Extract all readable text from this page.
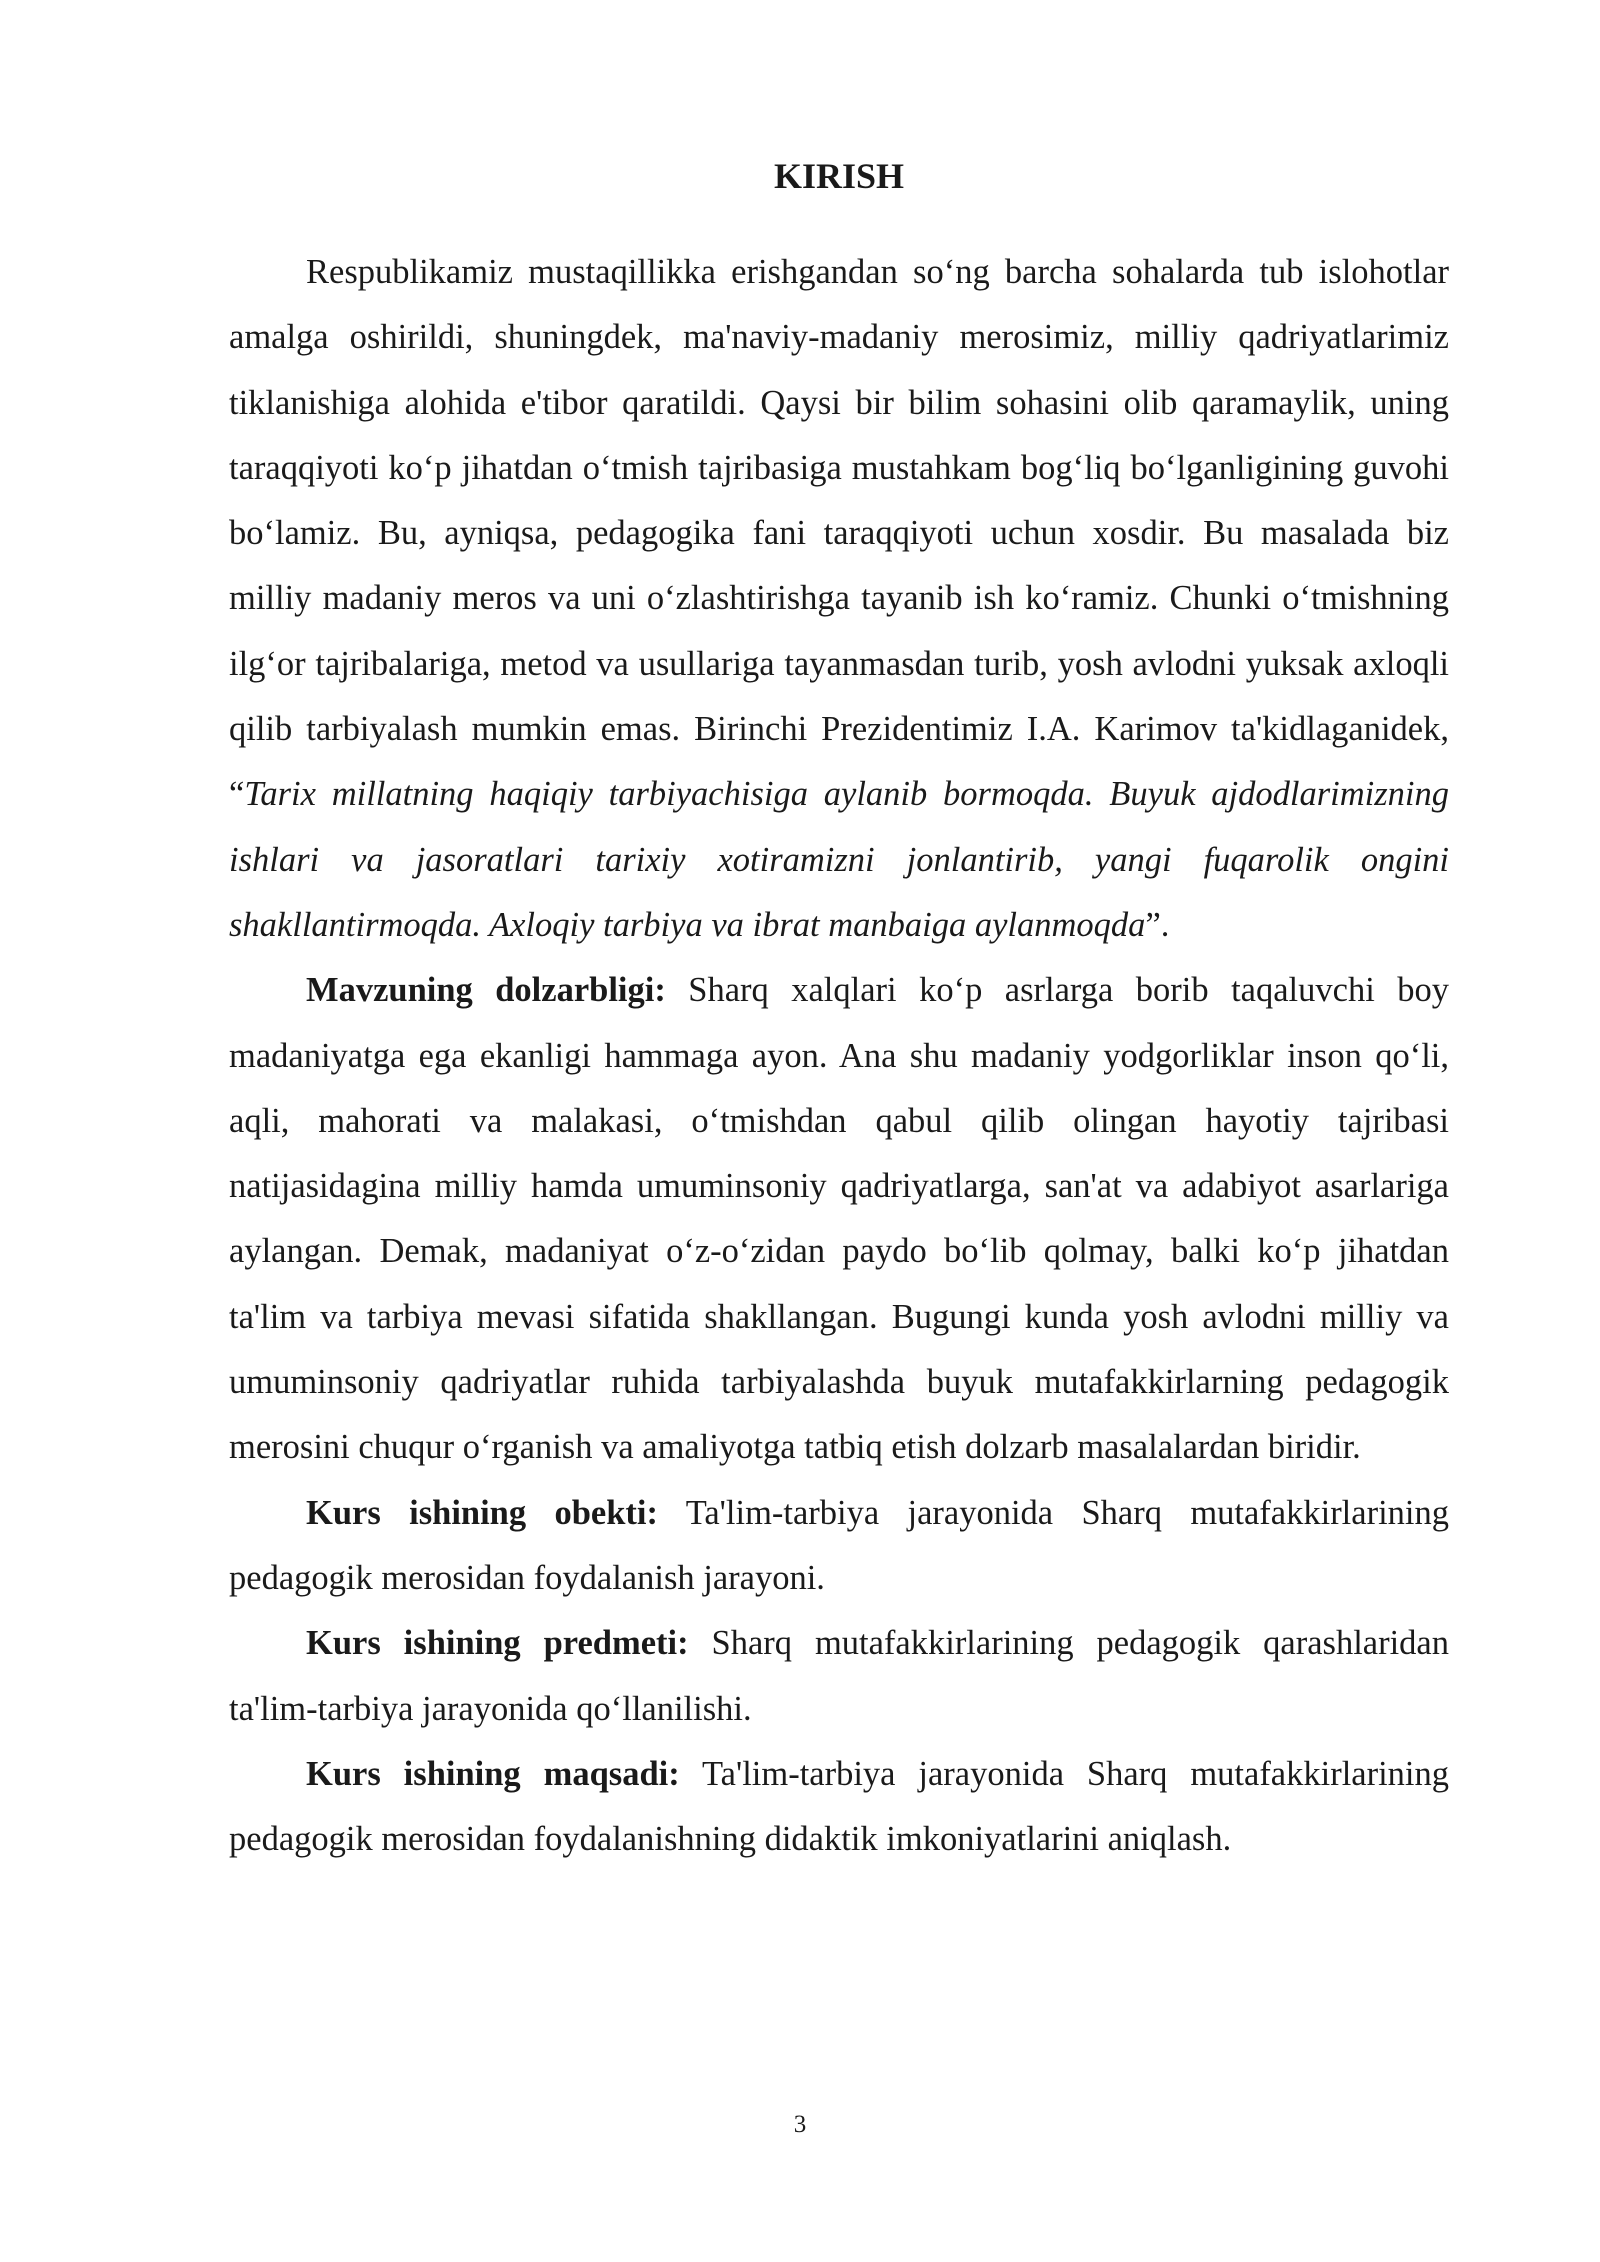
KIRISH

Respublikamiz mustaqillikka erishgandan so‘ng barcha sohalarda tub islohotlar amalga oshirildi, shuningdek, ma'naviy-madaniy merosimiz, milliy qadriyatlarimiz tiklanishiga alohida e'tibor qaratildi. Qaysi bir bilim sohasini olib qaramaylik, uning taraqqiyoti ko‘p jihatdan o‘tmish tajribasiga mustahkam bog‘liq bo‘lganligining guvohi bo‘lamiz. Bu, ayniqsa, pedagogika fani taraqqiyoti uchun xosdir. Bu masalada biz milliy madaniy meros va uni o‘zlashtirishga tayanib ish ko‘ramiz. Chunki o‘tmishning ilg‘or tajribalariga, metod va usullariga tayanmasdan turib, yosh avlodni yuksak axloqli qilib tarbiyalash mumkin emas. Birinchi Prezidentimiz I.A. Karimov ta'kidlaganidek, “Tarix millatning haqiqiy tarbiyachisiga aylanib bormoqda. Buyuk ajdodlarimizning ishlari va jasoratlari tarixiy xotiramizni jonlantirib, yangi fuqarolik ongini shakllantirmoqda. Axloqiy tarbiya va ibrat manbaiga aylanmoqda”.

Mavzuning dolzarbligi: Sharq xalqlari ko‘p asrlarga borib taqaluvchi boy madaniyatga ega ekanligi hammaga ayon. Ana shu madaniy yodgorliklar inson qo‘li, aqli, mahorati va malakasi, o‘tmishdan qabul qilib olingan hayotiy tajribasi natijasidagina milliy hamda umuminsoniy qadriyatlarga, san'at va adabiyot asarlariga aylangan. Demak, madaniyat o‘z-o‘zidan paydo bo‘lib qolmay, balki ko‘p jihatdan ta'lim va tarbiya mevasi sifatida shakllangan. Bugungi kunda yosh avlodni milliy va umuminsoniy qadriyatlar ruhida tarbiyalashda buyuk mutafakkirlarning pedagogik merosini chuqur o‘rganish va amaliyotga tatbiq etish dolzarb masalalardan biridir.

Kurs ishining obekti: Ta'lim-tarbiya jarayonida Sharq mutafakkirlarining pedagogik merosidan foydalanish jarayoni.

Kurs ishining predmeti: Sharq mutafakkirlarining pedagogik qarashlaridan ta'lim-tarbiya jarayonida qo‘llanilishi.

Kurs ishining maqsadi: Ta'lim-tarbiya jarayonida Sharq mutafakkirlarining pedagogik merosidan foydalanishning didaktik imkoniyatlarini aniqlash.

3
